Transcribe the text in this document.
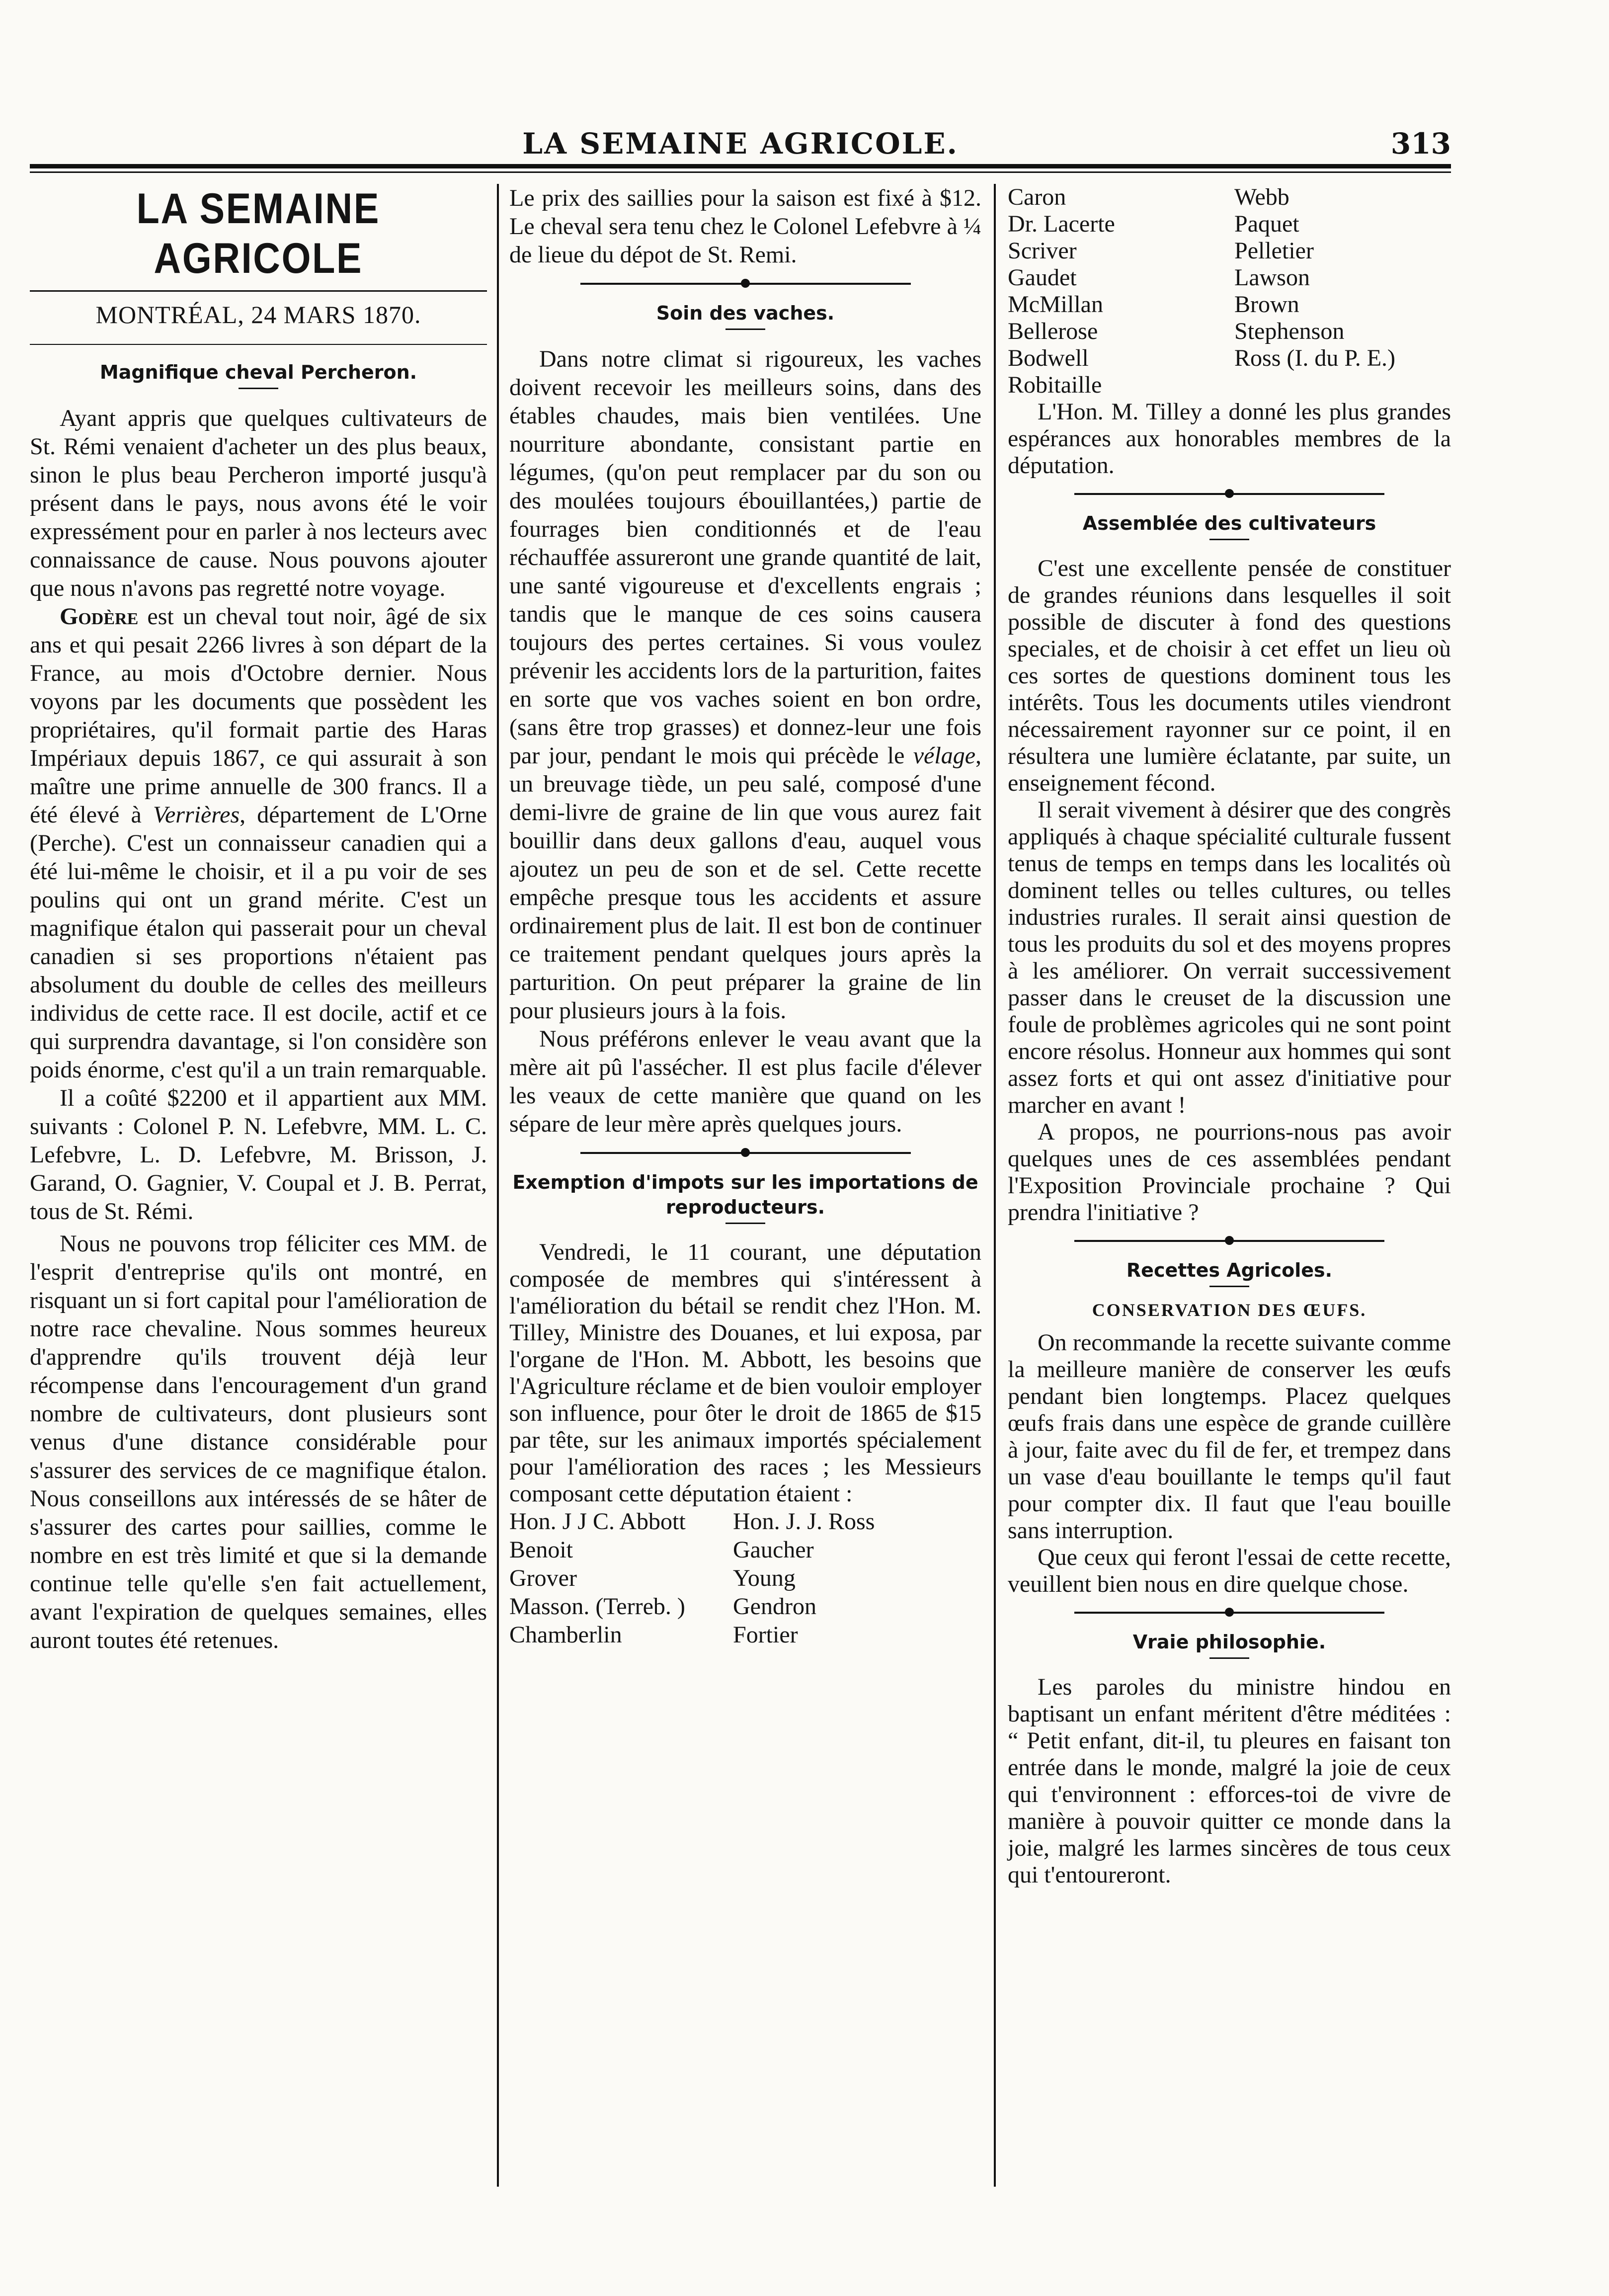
LA SEMAINE AGRICOLE.	313
LA SEMAINE AGRICOLE
MONTRÉAL, 24 MARS 1870.
Magnifique cheval Percheron.

Ayant appris que quelques cultivateurs de St. Rémi venaient d'acheter un des plus beaux, sinon le plus beau Percheron importé jusqu'à présent dans le pays, nous avons été le voir expressément pour en parler à nos lecteurs avec connaissance de cause. Nous pouvons ajouter que nous n'avons pas regretté notre voyage.

Godère est un cheval tout noir, âgé de six ans et qui pesait 2266 livres à son départ de la France, au mois d'Octobre dernier. Nous voyons par les documents que possèdent les propriétaires, qu'il formait partie des Haras Impériaux depuis 1867, ce qui assurait à son maître une prime annuelle de 300 francs. Il a été élevé à Verrières, département de L'Orne (Perche). C'est un connaisseur canadien qui a été lui-même le choisir, et il a pu voir de ses poulins qui ont un grand mérite. C'est un magnifique étalon qui passerait pour un cheval canadien si ses proportions n'étaient pas absolument du double de celles des meilleurs individus de cette race. Il est docile, actif et ce qui surprendra davantage, si l'on considère son poids énorme, c'est qu'il a un train remarquable.

Il a coûté $2200 et il appartient aux MM. suivants : Colonel P. N. Lefebvre, MM. L. C. Lefebvre, L. D. Lefebvre, M. Brisson, J. Garand, O. Gagnier, V. Coupal et J. B. Perrat, tous de St. Rémi.

Nous ne pouvons trop féliciter ces MM. de l'esprit d'entreprise qu'ils ont montré, en risquant un si fort capital pour l'amélioration de notre race chevaline. Nous sommes heureux d'apprendre qu'ils trouvent déjà leur récompense dans l'encouragement d'un grand nombre de cultivateurs, dont plusieurs sont venus d'une distance considérable pour s'assurer des services de ce magnifique étalon. Nous conseillons aux intéressés de se hâter de s'assurer des cartes pour saillies, comme le nombre en est très limité et que si la demande continue telle qu'elle s'en fait actuellement, avant l'expiration de quelques semaines, elles auront toutes été retenues.

Le prix des saillies pour la saison est fixé à $12. Le cheval sera tenu chez le Colonel Lefebvre à ¼ de lieue du dépot de St. Remi.

Soin des vaches.

Dans notre climat si rigoureux, les vaches doivent recevoir les meilleurs soins, dans des étables chaudes, mais bien ventilées. Une nourriture abondante, consistant partie en légumes, (qu'on peut remplacer par du son ou des moulées toujours ébouillantées,) partie de fourrages bien conditionnés et de l'eau réchauffée assureront une grande quantité de lait, une santé vigoureuse et d'excellents engrais ; tandis que le manque de ces soins causera toujours des pertes certaines. Si vous voulez prévenir les accidents lors de la parturition, faites en sorte que vos vaches soient en bon ordre, (sans être trop grasses) et donnez-leur une fois par jour, pendant le mois qui précède le vélage, un breuvage tiède, un peu salé, composé d'une demi-livre de graine de lin que vous aurez fait bouillir dans deux gallons d'eau, auquel vous ajoutez un peu de son et de sel. Cette recette empêche presque tous les accidents et assure ordinairement plus de lait. Il est bon de continuer ce traitement pendant quelques jours après la parturition. On peut préparer la graine de lin pour plusieurs jours à la fois.

Nous préférons enlever le veau avant que la mère ait pû l'assécher. Il est plus facile d'élever les veaux de cette manière que quand on les sépare de leur mère après quelques jours.

Exemption d'impots sur les importations de reproducteurs.

Vendredi, le 11 courant, une députation composée de membres qui s'intéressent à l'amélioration du bétail se rendit chez l'Hon. M. Tilley, Ministre des Douanes, et lui exposa, par l'organe de l'Hon. M. Abbott, les besoins que l'Agriculture réclame et de bien vouloir employer son influence, pour ôter le droit de 1865 de $15 par tête, sur les animaux importés spécialement pour l'amélioration des races ; les Messieurs composant cette députation étaient :

Hon. J J C. Abbott	Hon. J. J. Ross
Benoit	Gaucher
Grover	Young
Masson. (Terreb. )	Gendron
Chamberlin	Fortier
Caron	Webb
Dr. Lacerte	Paquet
Scriver	Pelletier
Gaudet	Lawson
McMillan	Brown
Bellerose	Stephenson
Bodwell	Ross (I. du P. E.)
Robitaille

L'Hon. M. Tilley a donné les plus grandes espérances aux honorables membres de la députation.

Assemblée des cultivateurs

C'est une excellente pensée de constituer de grandes réunions dans lesquelles il soit possible de discuter à fond des questions speciales, et de choisir à cet effet un lieu où ces sortes de questions dominent tous les intérêts. Tous les documents utiles viendront nécessairement rayonner sur ce point, il en résultera une lumière éclatante, par suite, un enseignement fécond.

Il serait vivement à désirer que des congrès appliqués à chaque spécialité culturale fussent tenus de temps en temps dans les localités où dominent telles ou telles cultures, ou telles industries rurales. Il serait ainsi question de tous les produits du sol et des moyens propres à les améliorer. On verrait successivement passer dans le creuset de la discussion une foule de problèmes agricoles qui ne sont point encore résolus. Honneur aux hommes qui sont assez forts et qui ont assez d'initiative pour marcher en avant !

A propos, ne pourrions-nous pas avoir quelques unes de ces assemblées pendant l'Exposition Provinciale prochaine ? Qui prendra l'initiative ?

Recettes Agricoles.
CONSERVATION DES ŒUFS.

On recommande la recette suivante comme la meilleure manière de conserver les œufs pendant bien longtemps. Placez quelques œufs frais dans une espèce de grande cuillère à jour, faite avec du fil de fer, et trempez dans un vase d'eau bouillante le temps qu'il faut pour compter dix. Il faut que l'eau bouille sans interruption.

Que ceux qui feront l'essai de cette recette, veuillent bien nous en dire quelque chose.

Vraie philosophie.

Les paroles du ministre hindou en baptisant un enfant méritent d'être méditées : “ Petit enfant, dit-il, tu pleures en faisant ton entrée dans le monde, malgré la joie de ceux qui t'environnent : efforces-toi de vivre de manière à pouvoir quitter ce monde dans la joie, malgré les larmes sincères de tous ceux qui t'entoureront.
